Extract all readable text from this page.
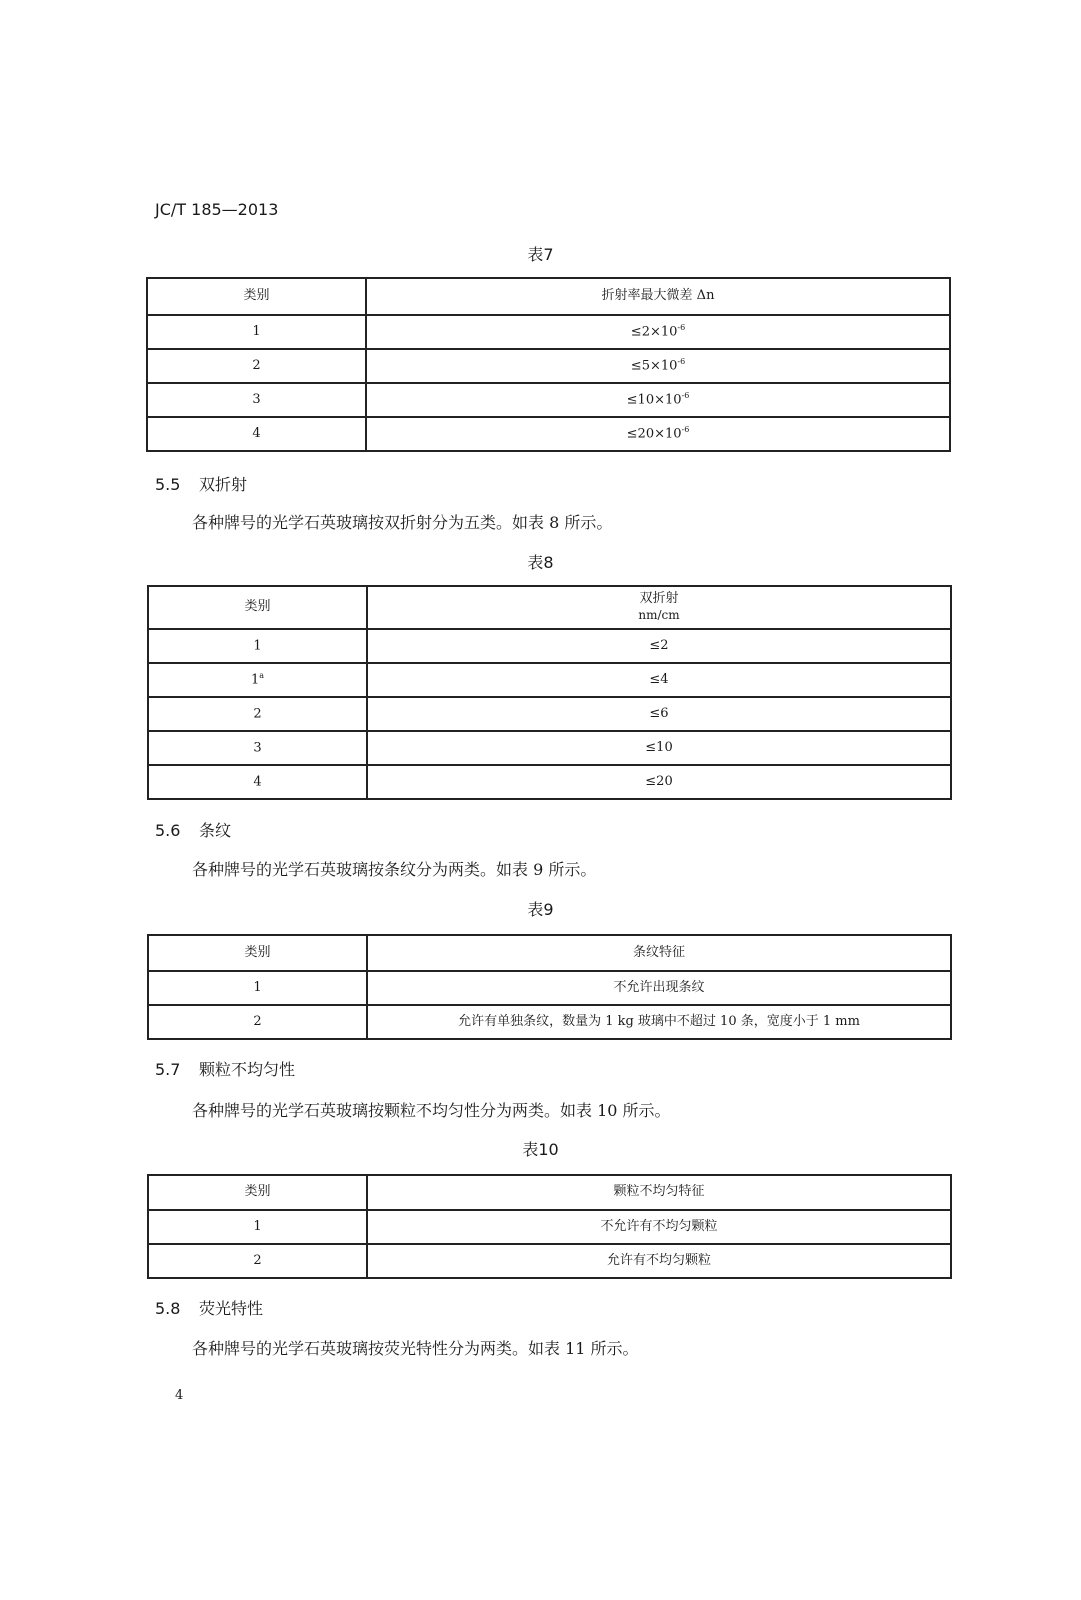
JC/T 185—2013
表7
类别	折射率最大微差 Δn
1	$\le 2\times 10^{-6}$
2	$\le 5\times 10^{-6}$
3	$\le 10\times 10^{-6}$
4	$\le 20\times 10^{-6}$
5.5 双折射
各种牌号的光学石英玻璃按双折射分为五类。如表 8 所示。
表8
类别	双折射
nm/cm

1	≤2
$1^a$	≤4
2	≤6
3	≤10
4	≤20
5.6 条纹
各种牌号的光学石英玻璃按条纹分为两类。如表 9 所示。
表9
类别	条纹特征
1	不允许出现条纹
2	允许有单独条纹，数量为 1 kg 玻璃中不超过 10 条，宽度小于 1 mm
5.7 颗粒不均匀性
各种牌号的光学石英玻璃按颗粒不均匀性分为两类。如表 10 所示。
表10
类别	颗粒不均匀特征
1	不允许有不均匀颗粒
2	允许有不均匀颗粒
5.8 荧光特性
各种牌号的光学石英玻璃按荧光特性分为两类。如表 11 所示。
4
